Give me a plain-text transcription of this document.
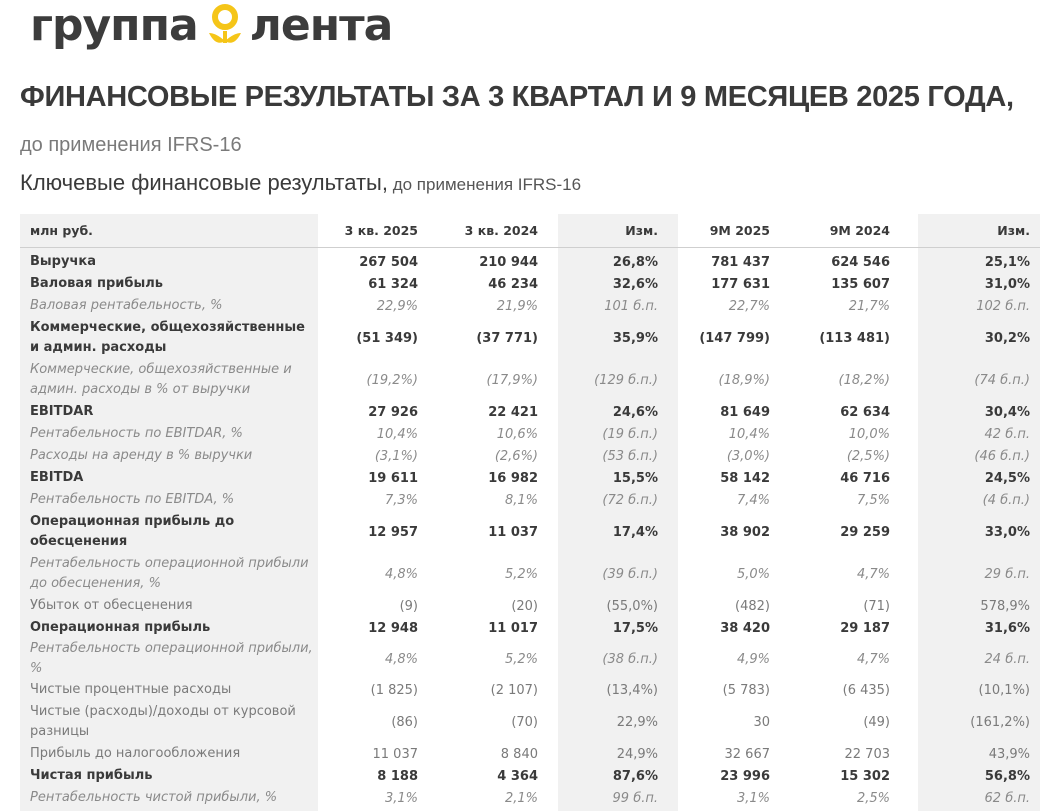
группа лента
ФИНАНСОВЫЕ РЕЗУЛЬТАТЫ ЗА 3 КВАРТАЛ И 9 МЕСЯЦЕВ 2025 ГОДА, до применения IFRS-16
Ключевые финансовые результаты, до применения IFRS-16
млн руб.	3 кв. 2025	3 кв. 2024	Изм.	9M 2025	9M 2024	Изм.
Выручка	267 504	210 944	26,8%	781 437	624 546	25,1%
Валовая прибыль	61 324	46 234	32,6%	177 631	135 607	31,0%
Валовая рентабельность, %	22,9%	21,9%	101 б.п.	22,7%	21,7%	102 б.п.
Коммерческие, общехозяйственные и админ. расходы	(51 349)	(37 771)	35,9%	(147 799)	(113 481)	30,2%
Коммерческие, общехозяйственные и админ. расходы в % от выручки	(19,2%)	(17,9%)	(129 б.п.)	(18,9%)	(18,2%)	(74 б.п.)
EBITDAR	27 926	22 421	24,6%	81 649	62 634	30,4%
Рентабельность по EBITDAR, %	10,4%	10,6%	(19 б.п.)	10,4%	10,0%	42 б.п.
Расходы на аренду в % выручки	(3,1%)	(2,6%)	(53 б.п.)	(3,0%)	(2,5%)	(46 б.п.)
EBITDA	19 611	16 982	15,5%	58 142	46 716	24,5%
Рентабельность по EBITDA, %	7,3%	8,1%	(72 б.п.)	7,4%	7,5%	(4 б.п.)
Операционная прибыль до обесценения	12 957	11 037	17,4%	38 902	29 259	33,0%
Рентабельность операционной прибыли до обесценения, %	4,8%	5,2%	(39 б.п.)	5,0%	4,7%	29 б.п.
Убыток от обесценения	(9)	(20)	(55,0%)	(482)	(71)	578,9%
Операционная прибыль	12 948	11 017	17,5%	38 420	29 187	31,6%
Рентабельность операционной прибыли, %	4,8%	5,2%	(38 б.п.)	4,9%	4,7%	24 б.п.
Чистые процентные расходы	(1 825)	(2 107)	(13,4%)	(5 783)	(6 435)	(10,1%)
Чистые (расходы)/доходы от курсовой разницы	(86)	(70)	22,9%	30	(49)	(161,2%)
Прибыль до налогообложения	11 037	8 840	24,9%	32 667	22 703	43,9%
Чистая прибыль	8 188	4 364	87,6%	23 996	15 302	56,8%
Рентабельность чистой прибыли, %	3,1%	2,1%	99 б.п.	3,1%	2,5%	62 б.п.
